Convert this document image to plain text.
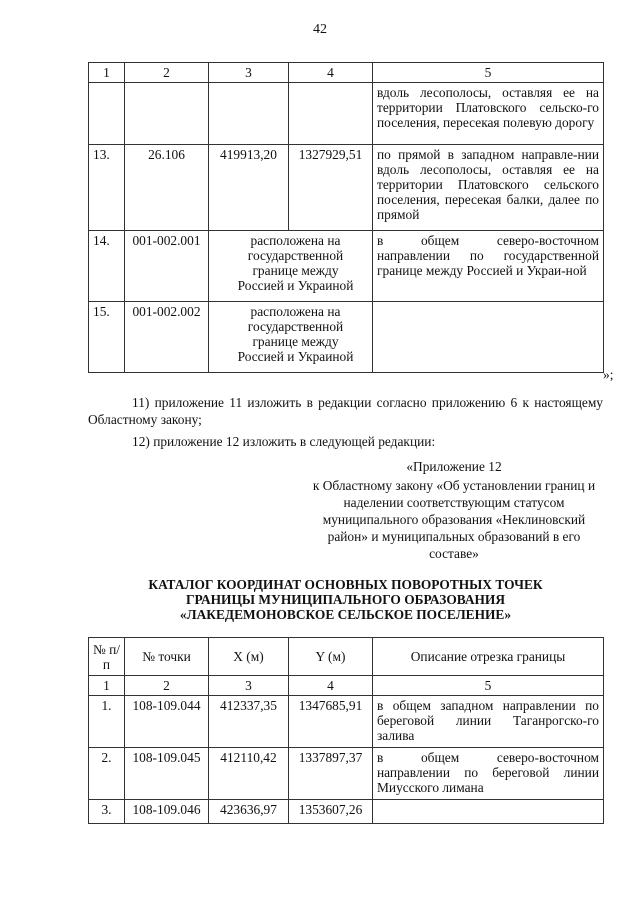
42
1	2	3	4	5
				вдоль лесополосы, оставляя ее на территории Платовского сельско-го поселения, пересекая полевую дорогу
13.	26.106	419913,20	1327929,51	по прямой в западном направле-нии вдоль лесополосы, оставляя ее на территории Платовского сельского поселения, пересекая балки, далее по прямой
14.	001-002.001	расположена на государственной границе между Россией и Украиной		в общем северо-восточном направлении по государственной границе между Россией и Украи-ной
15.	001-002.002	расположена на государственной границе между Россией и Украиной		
»;
11) приложение 11 изложить в редакции согласно приложению 6 к настоящему Областному закону;
12) приложение 12 изложить в следующей редакции:
«Приложение 12
к Областному закону «Об установлении границ и наделении соответствующим статусом муниципального образования «Неклиновский район» и муниципальных образований в его составе»
КАТАЛОГ КООРДИНАТ ОСНОВНЫХ ПОВОРОТНЫХ ТОЧЕК
ГРАНИЦЫ МУНИЦИПАЛЬНОГО ОБРАЗОВАНИЯ
«ЛАКЕДЕМОНОВСКОЕ СЕЛЬСКОЕ ПОСЕЛЕНИЕ»
№ п/п	№ точки	X (м)	Y (м)	Описание отрезка границы
1	2	3	4	5
1.	108-109.044	412337,35	1347685,91	в общем западном направлении по береговой линии Таганрогско-го залива
2.	108-109.045	412110,42	1337897,37	в общем северо-восточном направлении по береговой линии Миусского лимана
3.	108-109.046	423636,97	1353607,26	
